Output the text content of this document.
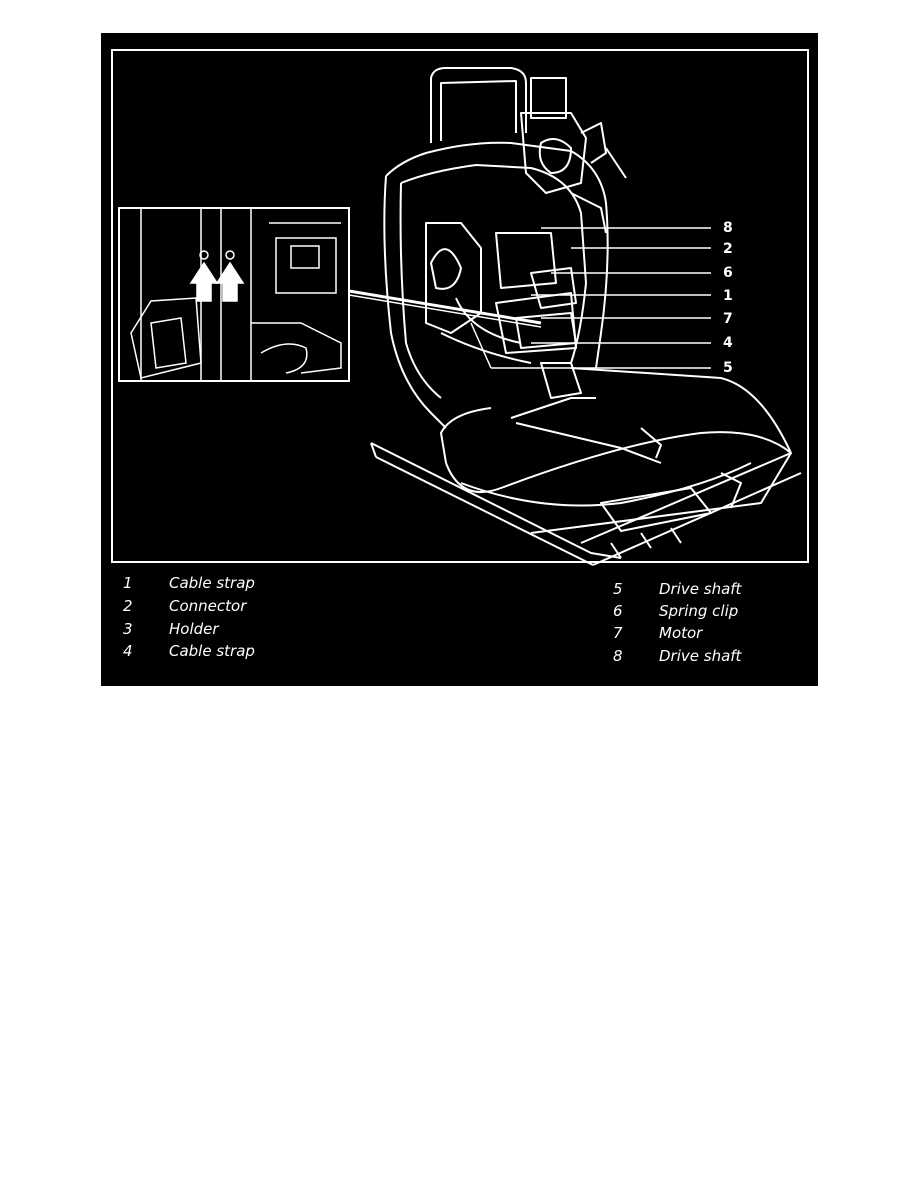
8
2
6
1
7
4
5
1 Cable strap
2 Connector
3 Holder
4 Cable strap
5 Drive shaft
6 Spring clip
7 Motor
8 Drive shaft
